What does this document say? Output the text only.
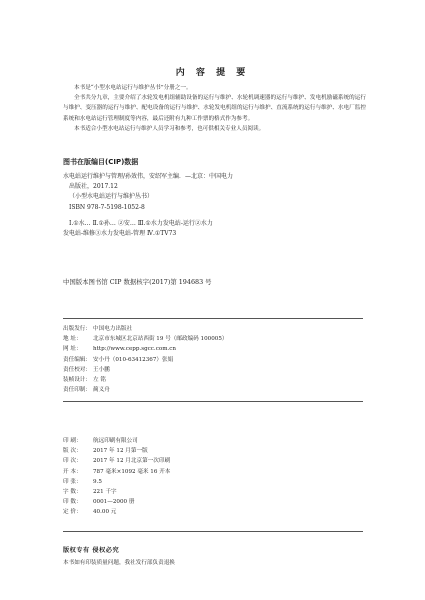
内 容 提 要

本书是“小型水电站运行与维护丛书”分册之一。

全书共分九章，主要介绍了水轮发电机组辅助设备的运行与维护、水轮机调速器的运行与维护、发电机励磁系统的运行与维护、变压器的运行与维护、配电设备的运行与维护、水轮发电机组的运行与维护、直流系统的运行与维护、水电厂监控系统和水电站运行管理制度等内容，最后还附有九种工作票的格式作为参考。

本书适合小型水电站运行与维护人员学习和参考，也可供相关专业人员阅读。

图书在版编目(CIP)数据
水电站运行维护与管理/孙效伟，安绍军主编．—北京：中国电力
出版社，2017.12
（小型水电站运行与维护丛书）
ISBN 978-7-5198-1052-8
Ⅰ.①水… Ⅱ.①孙… ②安… Ⅲ.①水力发电站-运行②水力
发电站-维修③水力发电站-管理 Ⅳ.①TV73
中国版本图书馆 CIP 数据核字(2017)第 194683 号
出版发行： 中国电力出版社
地 址：	北京市东城区北京站西街 19 号（邮政编码 100005）
网 址：	http://www.cepp.sgcc.com.cn
责任编辑： 安小丹（010-63412367）张娟
责任校对： 王小鹏
装帧设计： 左 铭
责任印制： 蔺义舟
印 刷：	航远印刷有限公司
版 次：	2017 年 12 月第一版
印 次：	2017 年 12 月北京第一次印刷
开 本：	787 毫米×1092 毫米 16 开本
印 张：	9.5
字 数：	221 千字
印 数：	0001—2000 册
定 价：	40.00 元
版权专有 侵权必究
本书如有印装质量问题，我社发行部负责退换
